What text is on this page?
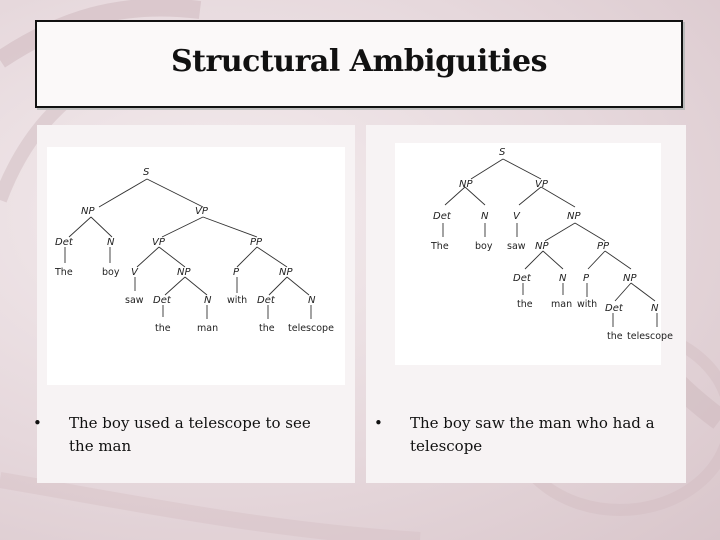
Structural Ambiguities
S
NP	VP
Det	N	VP	PP
The	boy V	NP	P	NP
saw Det	N with Det	N
the	man	the telescope
•	The boy used a telescope to see the man
S
NP	VP
Det	N V	NP
The	boy saw NP	PP
Det	N P	NP
the man with Det	N
the telescope
•	The boy saw the man who had a telescope
